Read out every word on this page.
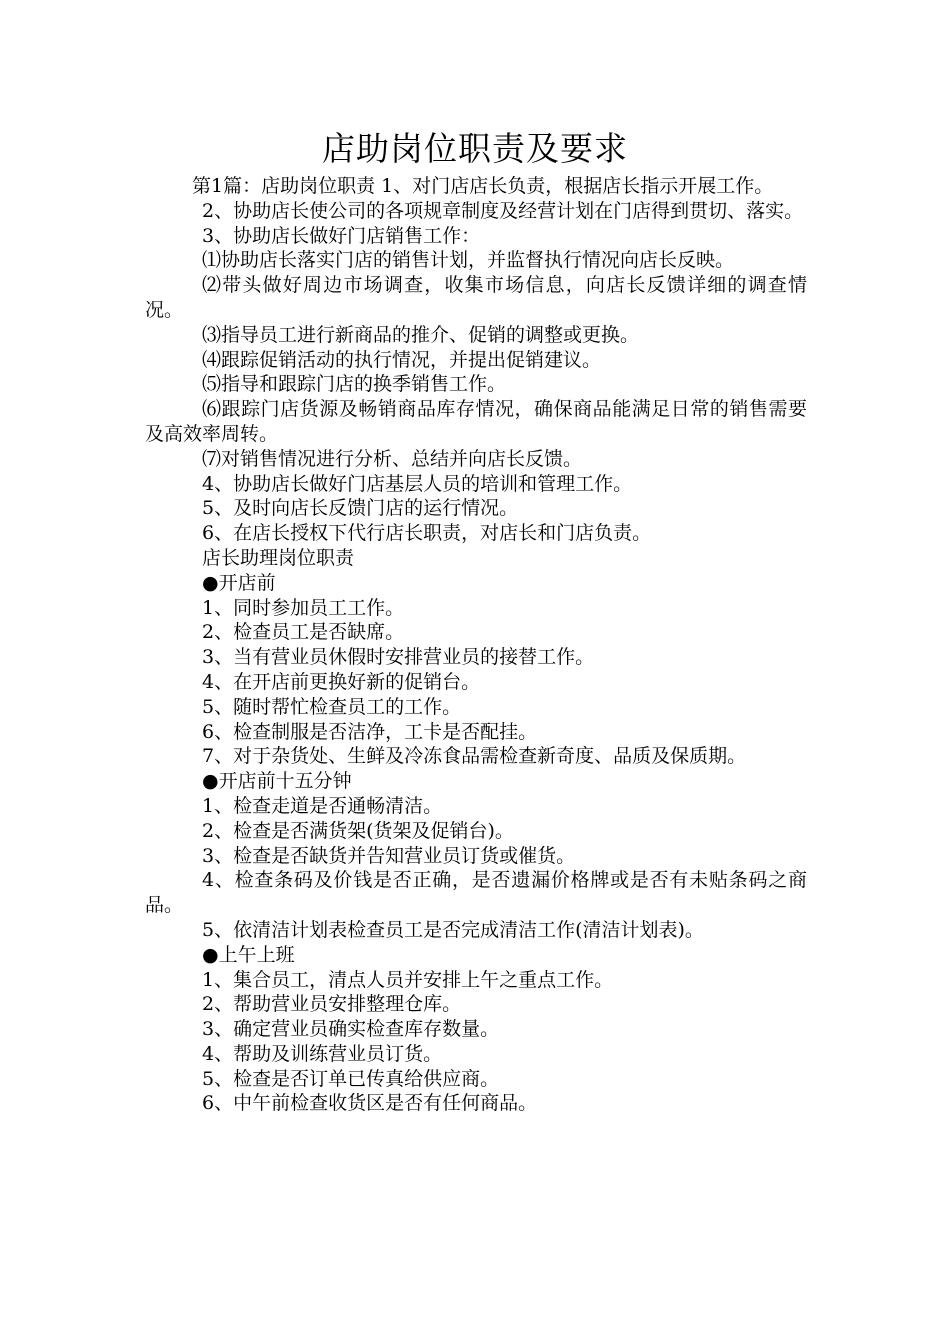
店助岗位职责及要求

第1篇：店助岗位职责 1、对门店店长负责，根据店长指示开展工作。

2、协助店长使公司的各项规章制度及经营计划在门店得到贯切、落实。

3、协助店长做好门店销售工作：

⑴协助店长落实门店的销售计划，并监督执行情况向店长反映。

⑵带头做好周边市场调查，收集市场信息，向店长反馈详细的调查情况。

⑶指导员工进行新商品的推介、促销的调整或更换。

⑷跟踪促销活动的执行情况，并提出促销建议。

⑸指导和跟踪门店的换季销售工作。

⑹跟踪门店货源及畅销商品库存情况，确保商品能满足日常的销售需要及高效率周转。

⑺对销售情况进行分析、总结并向店长反馈。

4、协助店长做好门店基层人员的培训和管理工作。

5、及时向店长反馈门店的运行情况。

6、在店长授权下代行店长职责，对店长和门店负责。

店长助理岗位职责

●开店前

1、同时参加员工工作。

2、检查员工是否缺席。

3、当有营业员休假时安排营业员的接替工作。

4、在开店前更换好新的促销台。

5、随时帮忙检查员工的工作。

6、检查制服是否洁净，工卡是否配挂。

7、对于杂货处、生鲜及冷冻食品需检查新奇度、品质及保质期。

●开店前十五分钟

1、检查走道是否通畅清洁。

2、检查是否满货架(货架及促销台)。

3、检查是否缺货并告知营业员订货或催货。

4、检查条码及价钱是否正确，是否遗漏价格牌或是否有未贴条码之商品。

5、依清洁计划表检查员工是否完成清洁工作(清洁计划表)。

●上午上班

1、集合员工，清点人员并安排上午之重点工作。

2、帮助营业员安排整理仓库。

3、确定营业员确实检查库存数量。

4、帮助及训练营业员订货。

5、检查是否订单已传真给供应商。

6、中午前检查收货区是否有任何商品。
